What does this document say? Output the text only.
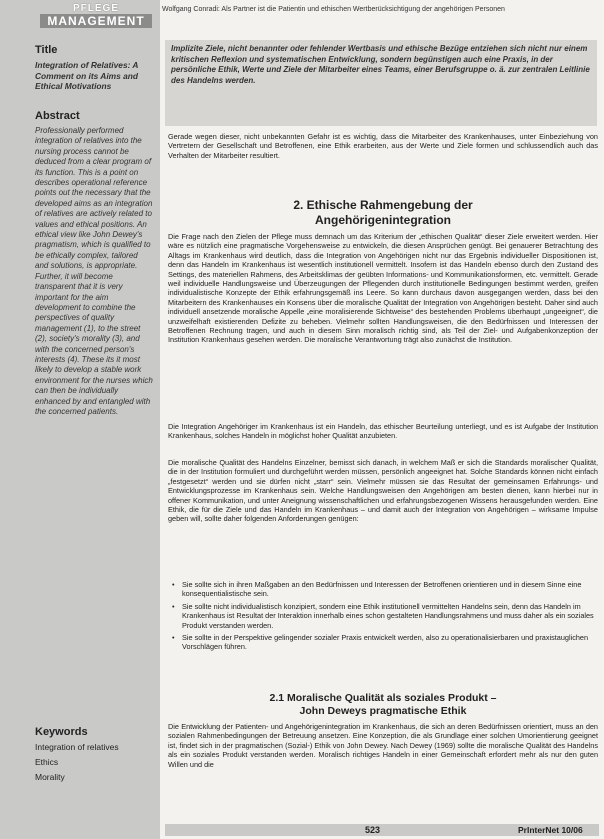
PFLEGE
MANAGEMENT
Title
Integration of Relatives: A Comment on its Aims and Ethical Motivations
Abstract
Professionally performed integration of relatives into the nursing process cannot be deduced from a clear program of its function. This is a point on describes operational reference points out the necessary that the developed aims as an integration of relatives are actively related to values and ethical positions. An ethical view like John Dewey's pragmatism, which is qualified to be ethically complex, tailored and solutions, is appropriate. Further, it will become transparent that it is very important for the aim development to combine the perspectives of quality management (1), to the street (2), society's morality (3), and with the concerned person's interests (4). These its it most likely to develop a stable work environment for the nurses which can then be individually enhanced by and entangled with the concerned patients.
Keywords
Integration of relatives
Ethics
Morality
Wolfgang Conradi: Als Partner ist die Patientin und ethischen Wertberücksichtigung der angehörigen Personen
Implizite Ziele, nicht benannter oder fehlender Wertbasis und ethische Bezüge entziehen sich nicht nur einem kritischen Reflexion und systematischen Entwicklung, sondern begünstigen auch eine Praxis, in der persönliche Ethik, Werte und Ziele der Mitarbeiter eines Teams, einer Berufsgruppe o. ä. zur zentralen Leitlinie des Handelns werden.
Gerade wegen dieser, nicht unbekannten Gefahr ist es wichtig, dass die Mitarbeiter des Krankenhauses, unter Einbeziehung von Vertretern der Gesellschaft und Betroffenen, eine Ethik erarbeiten, aus der Werte und Ziele formen und schlussendlich auch das Verhalten der Mitarbeiter resultiert.
2. Ethische Rahmengebung der
Angehörigenintegration
Die Frage nach den Zielen der Pflege muss demnach um das Kriterium der „ethischen Qualität“ dieser Ziele erweitert werden. Hier wäre es nützlich eine pragmatische Vorgehensweise zu entwickeln, die diesen Ansprüchen genügt. Bei genauerer Betrachtung des Alltags im Krankenhaus wird deutlich, dass die Integration von Angehörigen nicht nur das Ergebnis individueller Dispositionen ist, denn das Handeln im Krankenhaus ist wesentlich institutionell vermittelt. Insofern ist das Handeln ebenso durch den Zustand des Settings, des materiellen Rahmens, des Arbeitsklimas der geübten Informations- und Kommunikationsformen, etc. vermittelt. Gerade weil individuelle Handlungsweise und Überzeugungen der Pflegenden durch institutionelle Bedingungen bestimmt werden, greifen individualistische Konzepte der Ethik erfahrungsgemäß ins Leere. So kann durchaus davon ausgegangen werden, dass bei den Mitarbeitern des Krankenhauses ein Konsens über die moralische Qualität der Integration von Angehörigen besteht. Daher sind auch individuell ansetzende moralische Appelle „eine moralisierende Sichtweise“ des bestehenden Problems überhaupt „ungeeignet“, die unzweifelhaft existierenden Defizite zu beheben. Vielmehr sollten Handlungsweisen, die den Bedürfnissen und Interessen der Betroffenen Rechnung tragen, und auch in diesem Sinn moralisch richtig sind, als Teil der Ziel- und Aufgabenkonzeption der Institution Krankenhaus gesehen werden. Die moralische Verantwortung trägt also zunächst die Institution.
Die Integration Angehöriger im Krankenhaus ist ein Handeln, das ethischer Beurteilung unterliegt, und es ist Aufgabe der Institution Krankenhaus, solches Handeln in möglichst hoher Qualität anzubieten.
Die moralische Qualität des Handelns Einzelner, bemisst sich danach, in welchem Maß er sich die Standards moralischer Qualität, die in der Institution formuliert und durchgeführt werden müssen, persönlich angeeignet hat. Solche Standards können nicht einfach „festgesetzt“ werden und sie dürfen nicht „starr“ sein. Vielmehr müssen sie das Resultat der gemeinsamen Erfahrungs- und Entwicklungsprozesse im Krankenhaus sein. Welche Handlungsweisen den Angehörigen am besten dienen, kann hierbei nur in offener Kommunikation, und unter Aneignung wissenschaftlichen und erfahrungsbezogenen Wissens herausgefunden werden. Eine Ethik, die für die Ziele und das Handeln im Krankenhaus – und damit auch der Integration von Angehörigen – wirksame Impulse geben will, sollte daher folgenden Anforderungen genügen:
• Sie sollte sich in ihren Maßgaben an den Bedürfnissen und Interessen der Betroffenen orientieren und in diesem Sinne eine konsequentialistische sein.
• Sie sollte nicht individualistisch konzipiert, sondern eine Ethik institutionell vermittelten Handelns sein, denn das Handeln im Krankenhaus ist Resultat der Interaktion innerhalb eines schon gestalteten Handlungsrahmens und muss daher als ein soziales Produkt verstanden werden.
• Sie sollte in der Perspektive gelingender sozialer Praxis entwickelt werden, also zu operationalisierbaren und praxistauglichen Vorschlägen führen.
2.1 Moralische Qualität als soziales Produkt –
John Deweys pragmatische Ethik
Die Entwicklung der Patienten- und Angehörigenintegration im Krankenhaus, die sich an deren Bedürfnissen orientiert, muss an den sozialen Rahmenbedingungen der Betreuung ansetzen. Eine Konzeption, die als Grundlage einer solchen Umorientierung geeignet ist, findet sich in der pragmatischen (Sozial-) Ethik von John Dewey. Nach Dewey (1969) sollte die moralische Qualität des Handelns als ein soziales Produkt verstanden werden. Moralisch richtiges Handeln in einer Gemeinschaft erfordert mehr als nur den guten Willen und die
523	PrInterNet 10/06
